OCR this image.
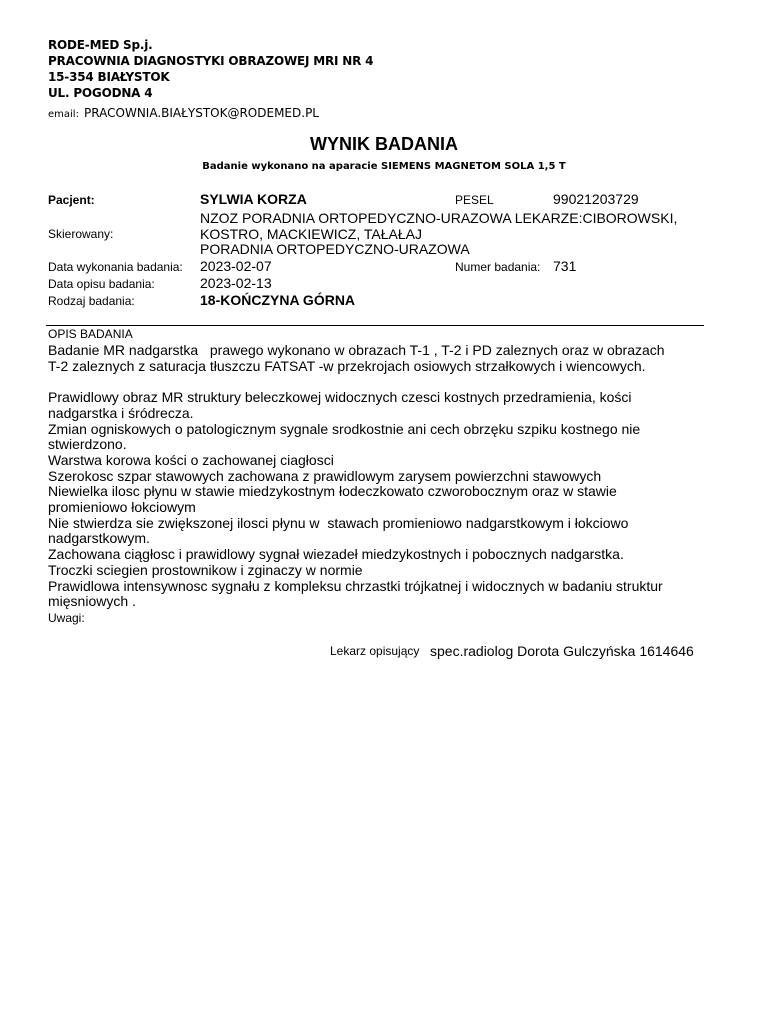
RODE-MED Sp.j.
PRACOWNIA DIAGNOSTYKI OBRAZOWEJ MRI NR 4
15-354 BIAŁYSTOK
UL. POGODNA 4
email: PRACOWNIA.BIAŁYSTOK@RODEMED.PL
WYNIK BADANIA
Badanie wykonano na aparacie SIEMENS MAGNETOM SOLA 1,5 T
Pacjent:	SYLWIA KORZA	PESEL	99021203729
Skierowany:
NZOZ PORADNIA ORTOPEDYCZNO-URAZOWA LEKARZE:CIBOROWSKI,
KOSTRO, MACKIEWICZ, TAŁAŁAJ
PORADNIA ORTOPEDYCZNO-URAZOWA
Data wykonania badania: 2023-02-07	Numer badania: 731
Data opisu badania:	2023-02-13
Rodzaj badania:	18-KOŃCZYNA GÓRNA
OPIS BADANIA

Badanie MR nadgarstka   prawego wykonano w obrazach T-1 , T-2 i PD zaleznych oraz w obrazach

T-2 zaleznych z saturacja tłuszczu FATSAT -w przekrojach osiowych strzałkowych i wiencowych.

Prawidlowy obraz MR struktury beleczkowej widocznych czesci kostnych przedramienia, kości

nadgarstka i śródrecza.

Zmian ogniskowych o patologicznym sygnale srodkostnie ani cech obrzęku szpiku kostnego nie

stwierdzono.

Warstwa korowa kości o zachowanej ciagłosci

Szerokosc szpar stawowych zachowana z prawidlowym zarysem powierzchni stawowych

Niewielka ilosc płynu w stawie miedzykostnym łodeczkowato czworobocznym oraz w stawie

promieniowo łokciowym

Nie stwierdza sie zwiększonej ilosci płynu w  stawach promieniowo nadgarstkowym i łokciowo

nadgarstkowym.

Zachowana ciągłosc i prawidlowy sygnał wiezadeł miedzykostnych i pobocznych nadgarstka.

Troczki sciegien prostownikow i zginaczy w normie

Prawidlowa intensywnosc sygnału z kompleksu chrzastki trójkatnej i widocznych w badaniu struktur

mięsniowych .

Uwagi:
Lekarz opisujący spec.radiolog Dorota Gulczyńska 1614646
